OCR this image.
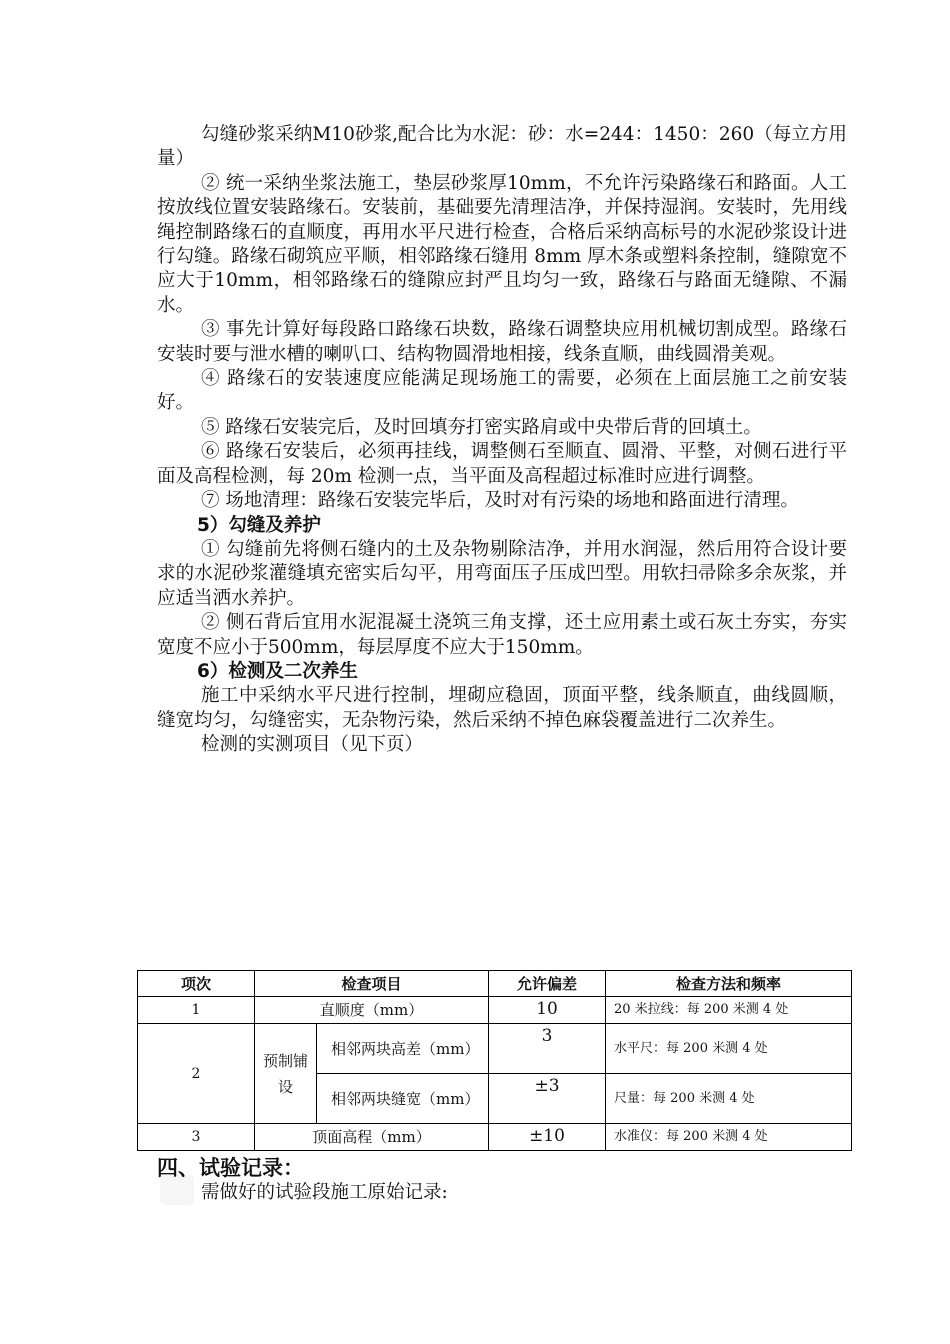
勾缝砂浆采纳M10砂浆,配合比为水泥：砂：水=244：1450：260（每立方用量）

② 统一采纳坐浆法施工，垫层砂浆厚10mm，不允许污染路缘石和路面。人工按放线位置安装路缘石。安装前，基础要先清理洁净，并保持湿润。安装时，先用线绳控制路缘石的直顺度，再用水平尺进行检查，合格后采纳高标号的水泥砂浆设计进行勾缝。路缘石砌筑应平顺，相邻路缘石缝用 8mm 厚木条或塑料条控制，缝隙宽不应大于10mm，相邻路缘石的缝隙应封严且均匀一致，路缘石与路面无缝隙、不漏水。

③ 事先计算好每段路口路缘石块数，路缘石调整块应用机械切割成型。路缘石安装时要与泄水槽的喇叭口、结构物圆滑地相接，线条直顺，曲线圆滑美观。

④ 路缘石的安装速度应能满足现场施工的需要，必须在上面层施工之前安装好。

⑤ 路缘石安装完后，及时回填夯打密实路肩或中央带后背的回填土。

⑥ 路缘石安装后，必须再挂线，调整侧石至顺直、圆滑、平整，对侧石进行平面及高程检测，每 20m 检测一点，当平面及高程超过标准时应进行调整。

⑦ 场地清理：路缘石安装完毕后，及时对有污染的场地和路面进行清理。

5）勾缝及养护

① 勾缝前先将侧石缝内的土及杂物剔除洁净，并用水润湿，然后用符合设计要求的水泥砂浆灌缝填充密实后勾平，用弯面压子压成凹型。用软扫帚除多余灰浆，并应适当洒水养护。

② 侧石背后宜用水泥混凝土浇筑三角支撑，还土应用素土或石灰土夯实，夯实宽度不应小于500mm，每层厚度不应大于150mm。

6）检测及二次养生

施工中采纳水平尺进行控制，埋砌应稳固，顶面平整，线条顺直，曲线圆顺，缝宽均匀，勾缝密实，无杂物污染，然后采纳不掉色麻袋覆盖进行二次养生。

检测的实测项目（见下页）

项次	检查项目		允许偏差	检查方法和频率
1	直顺度（mm）		10	20 米拉线：每 200 米测 4 处
2	预制铺设	相邻两块高差（mm）	3	水平尺：每 200 米测 4 处
		相邻两块缝宽（mm）	±3	尺量：每 200 米测 4 处
3	顶面高程（mm）		±10	水准仪：每 200 米测 4 处
四、试验记录：

需做好的试验段施工原始记录:
